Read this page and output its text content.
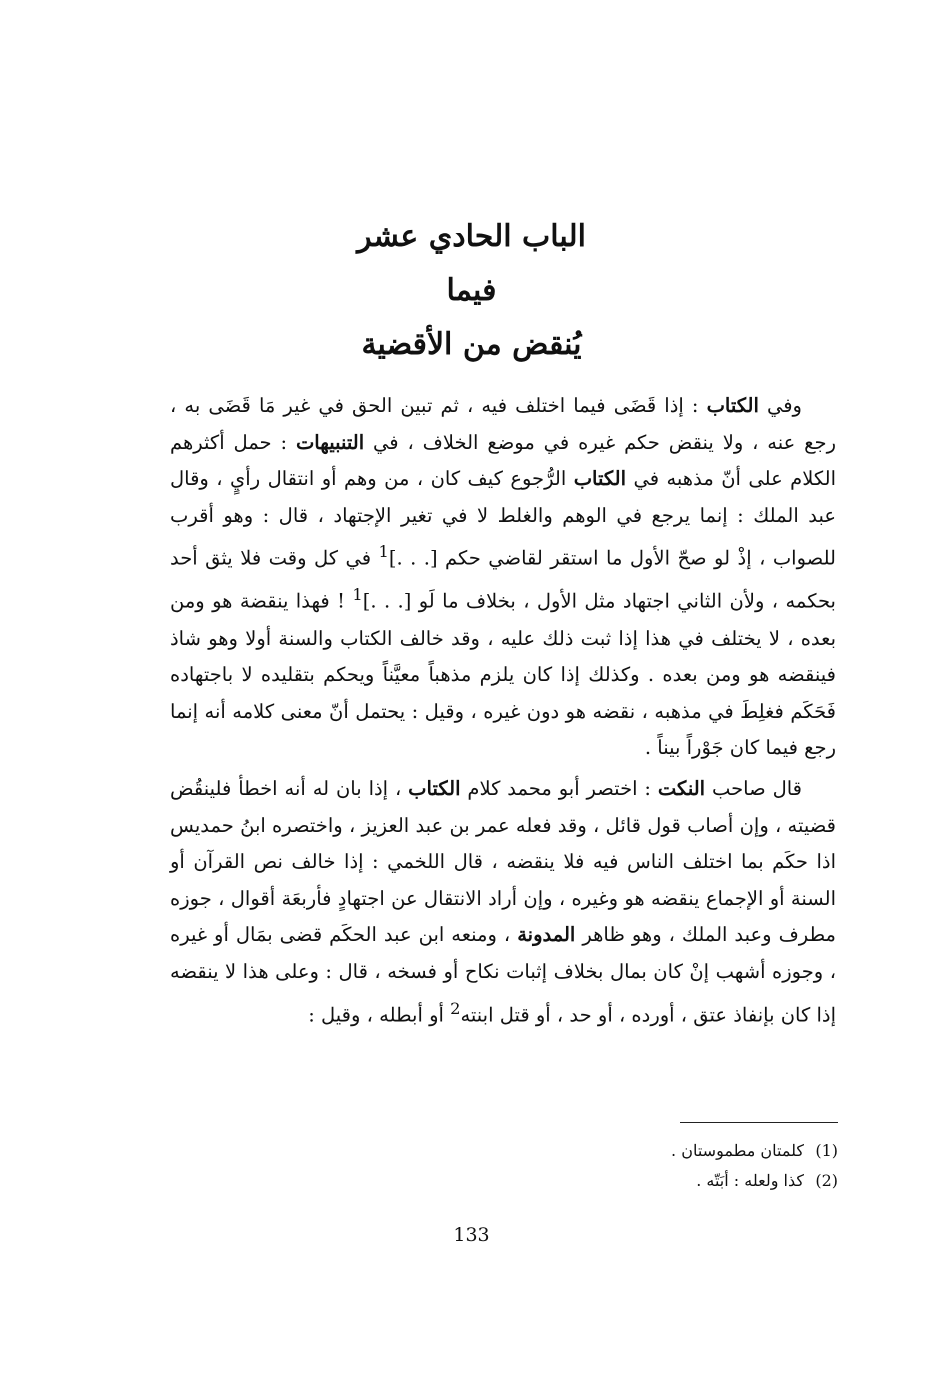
الباب الحادي عشر
فيما
يُنقض من الأقضية

وفي الكتاب : إذا قَضَى فيما اختلف فيه ، ثم تبين الحق في غير مَا قَضَى به ، رجع عنه ، ولا ينقض حكم غيره في موضع الخلاف ، في التنبيهات : حمل أكثرهم الكلام على أنّ مذهبه في الكتاب الرُّجوع كيف كان ، من وهم أو انتقال رأيٍ ، وقال عبد الملك : إنما يرجع في الوهم والغلط لا في تغير الإجتهاد ، قال : وهو أقرب للصواب ، إذْ لو صحّ الأول ما استقر لقاضي حكم [. . .]$^1$ في كل وقت فلا يثق أحد بحكمه ، ولأن الثاني اجتهاد مثل الأول ، بخلاف ما لَو [. . .]$^1$ ! فهذا ينقضة هو ومن بعده ، لا يختلف في هذا إذا ثبت ذلك عليه ، وقد خالف الكتاب والسنة أولا وهو شاذ فينقضه هو ومن بعده . وكذلك إذا كان يلزم مذهباً معيَّناً ويحكم بتقليده لا باجتهاده فَحَكَم فغلِطَ في مذهبه ، نقضه هو دون غيره ، وقيل : يحتمل أنّ معنى كلامه أنه إنما رجع فيما كان جَوْراً بيناً .

قال صاحب النكت : اختصر أبو محمد كلام الكتاب ، إذا بان له أنه اخطأ فلينقُض قضيته ، وإن أصاب قول قائل ، وقد فعله عمر بن عبد العزيز ، واختصره ابنُ حمديس اذا حكَم بما اختلف الناس فيه فلا ينقضه ، قال اللخمي : إذا خالف نص القرآن أو السنة أو الإجماع ينقضه هو وغيره ، وإن أراد الانتقال عن اجتهادٍ فأربعَة أقوال ، جوزه مطرف وعبد الملك ، وهو ظاهر المدونة ، ومنعه ابن عبد الحكَم قضى بمَال أو غيره ، وجوزه أشهب إنْ كان بمال بخلاف إثبات نكاح أو فسخه ، قال : وعلى هذا لا ينقضه إذا كان بإنفاذ عتق ، أورده ، أو حد ، أو قتل ابنته$^2$ أو أبطله ، وقيل :

(1)كلمتان مطموستان .
(2)كذا ولعله : أبَتّه .
133
